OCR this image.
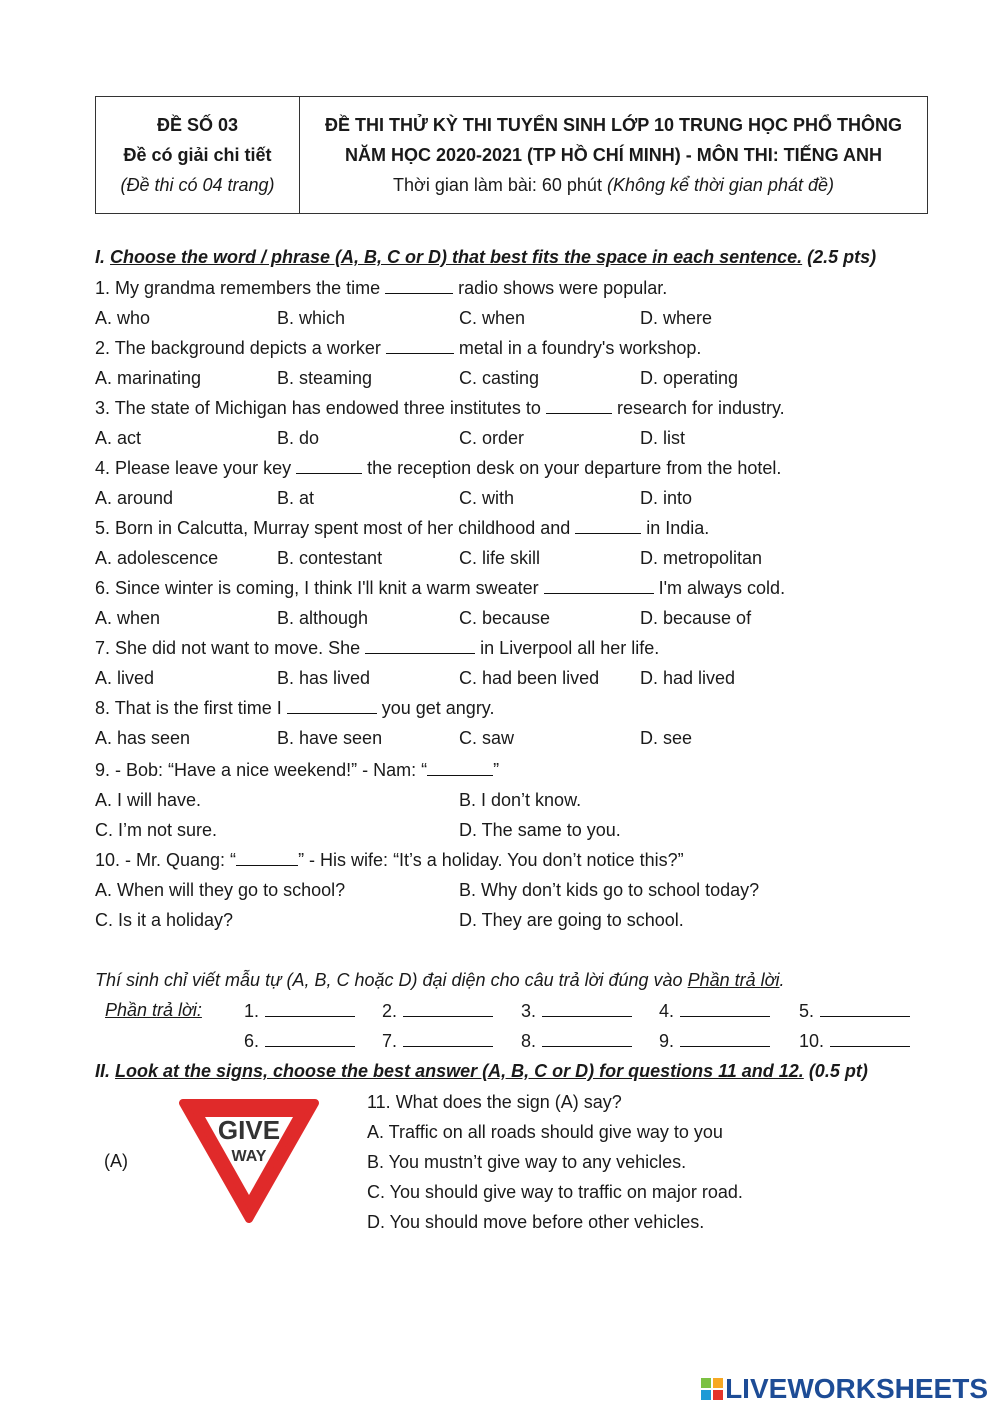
ĐỀ SỐ 03
Đề có giải chi tiết
(Đề thi có 04 trang)
ĐỀ THI THỬ KỲ THI TUYỂN SINH LỚP 10 TRUNG HỌC PHỔ THÔNG
NĂM HỌC 2020-2021 (TP HỒ CHÍ MINH) - MÔN THI: TIẾNG ANH
Thời gian làm bài: 60 phút (Không kể thời gian phát đề)
I. Choose the word / phrase (A, B, C or D) that best fits the space in each sentence. (2.5 pts)
1. My grandma remembers the time	radio shows were popular.
A. who	B. which	C. when	D. where
2. The background depicts a worker	metal in a foundry's workshop.
A. marinating	B. steaming	C. casting	D. operating
3. The state of Michigan has endowed three institutes to	research for industry.
A. act	B. do	C. order	D. list
4. Please leave your key	the reception desk on your departure from the hotel.
A. around	B. at	C. with	D. into
5. Born in Calcutta, Murray spent most of her childhood and	in India.
A. adolescence	B. contestant	C. life skill	D. metropolitan
6. Since winter is coming, I think I'll knit a warm sweater	I'm always cold.
A. when	B. although	C. because	D. because of
7. She did not want to move. She	in Liverpool all her life.
A. lived	B. has lived	C. had been lived D. had lived
8. That is the first time I	you get angry.
A. has seen	B. have seen	C. saw	D. see
9. - Bob: “Have a nice weekend!” - Nam: “	”
A. I will have.	B. I don’t know.
C. I’m not sure.	D. The same to you.
10. - Mr. Quang: “	” - His wife: “It’s a holiday. You don’t notice this?”
A. When will they go to school?	B. Why don’t kids go to school today?
C. Is it a holiday?	D. They are going to school.
Thí sinh chỉ viết mẫu tự (A, B, C hoặc D) đại diện cho câu trả lời đúng vào Phần trả lời.
Phần trả lời: 1.	2.	3.	4.	5.
6.	7.	8.	9.	10.
II. Look at the signs, choose the best answer (A, B, C or D) for questions 11 and 12. (0.5 pt)
(A)
GIVE
WAY
11. What does the sign (A) say?
A. Traffic on all roads should give way to you
B. You mustn’t give way to any vehicles.
C. You should give way to traffic on major road.
D. You should move before other vehicles.
LIVEWORKSHEETS
